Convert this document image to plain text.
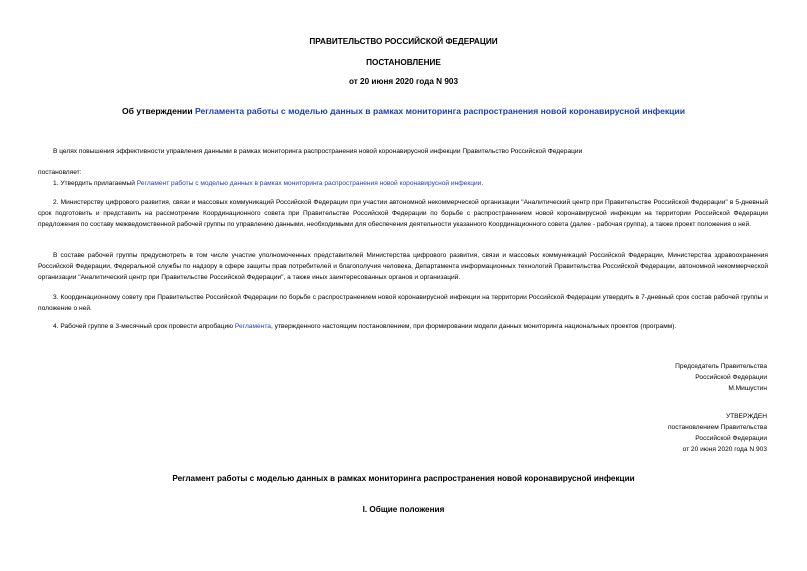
ПРАВИТЕЛЬСТВО РОССИЙСКОЙ ФЕДЕРАЦИИ
ПОСТАНОВЛЕНИЕ
от 20 июня 2020 года N 903
Об утверждении Регламента работы с моделью данных в рамках мониторинга распространения новой коронавирусной инфекции
В целях повышения эффективности управления данными в рамках мониторинга распространения новой коронавирусной инфекции Правительство Российской Федерации
постановляет:
1. Утвердить прилагаемый Регламент работы с моделью данных в рамках мониторинга распространения новой коронавирусной инфекции.
2. Министерству цифрового развития, связи и массовых коммуникаций Российской Федерации при участии автономной некоммерческой организации "Аналитический центр при Правительстве Российской Федерации" в 5-дневный срок подготовить и представить на рассмотрение Координационного совета при Правительстве Российской Федерации по борьбе с распространением новой коронавирусной инфекции на территории Российской Федерации предложения по составу межведомственной рабочей группы по управлению данными, необходимыми для обеспечения деятельности указанного Координационного совета (далее - рабочая группа), а также проект положения о ней.
В составе рабочей группы предусмотреть в том числе участие уполномоченных представителей Министерства цифрового развития, связи и массовых коммуникаций Российской Федерации, Министерства здравоохранения Российской Федерации, Федеральной службы по надзору в сфере защиты прав потребителей и благополучия человека, Департамента информационных технологий Правительства Российской Федерации, автономной некоммерческой организации "Аналитический центр при Правительстве Российской Федерации", а также иных заинтересованных органов и организаций.
3. Координационному совету при Правительстве Российской Федерации по борьбе с распространением новой коронавирусной инфекции на территории Российской Федерации утвердить в 7-дневный срок состав рабочей группы и положение о ней.
4. Рабочей группе в 3-месячный срок провести апробацию Регламента, утвержденного настоящим постановлением, при формировании модели данных мониторинга национальных проектов (программ).
Председатель Правительства
Российской Федерации
М.Мишустин
УТВЕРЖДЕН
постановлением Правительства
Российской Федерации
от 20 июня 2020 года N 903
Регламент работы с моделью данных в рамках мониторинга распространения новой коронавирусной инфекции
I. Общие положения
